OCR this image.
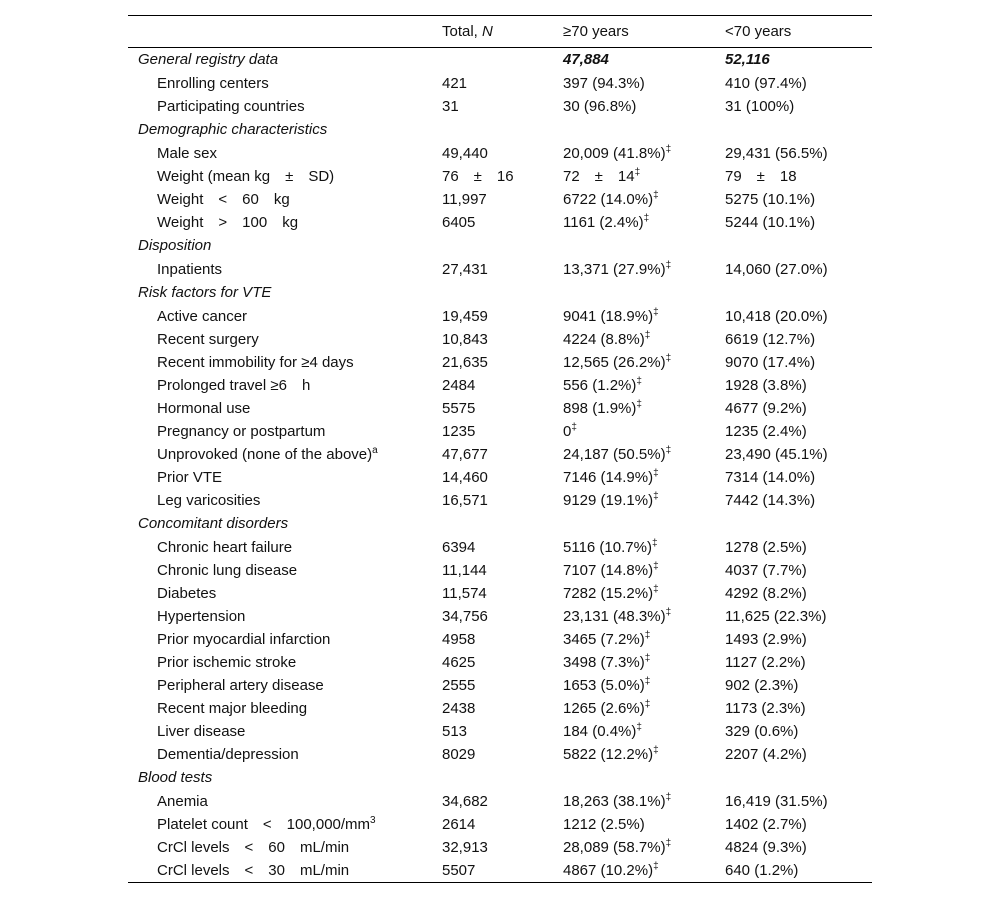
	Total, N	≥70 years	<70 years
General registry data		47,884	52,116
Enrolling centers	421	397 (94.3%)	410 (97.4%)
Participating countries	31	30 (96.8%)	31 (100%)
Demographic characteristics			
Male sex	49,440	20,009 (41.8%)‡	29,431 (56.5%)
Weight (mean kg ± SD)	76 ± 16	72 ± 14‡	79 ± 18
Weight < 60 kg	11,997	6722 (14.0%)‡	5275 (10.1%)
Weight > 100 kg	6405	1161 (2.4%)‡	5244 (10.1%)
Disposition			
Inpatients	27,431	13,371 (27.9%)‡	14,060 (27.0%)
Risk factors for VTE			
Active cancer	19,459	9041 (18.9%)‡	10,418 (20.0%)
Recent surgery	10,843	4224 (8.8%)‡	6619 (12.7%)
Recent immobility for ≥4 days	21,635	12,565 (26.2%)‡	9070 (17.4%)
Prolonged travel ≥6 h	2484	556 (1.2%)‡	1928 (3.8%)
Hormonal use	5575	898 (1.9%)‡	4677 (9.2%)
Pregnancy or postpartum	1235	0‡	1235 (2.4%)
Unprovoked (none of the above)$^a$	47,677	24,187 (50.5%)‡	23,490 (45.1%)
Prior VTE	14,460	7146 (14.9%)‡	7314 (14.0%)
Leg varicosities	16,571	9129 (19.1%)‡	7442 (14.3%)
Concomitant disorders			
Chronic heart failure	6394	5116 (10.7%)‡	1278 (2.5%)
Chronic lung disease	11,144	7107 (14.8%)‡	4037 (7.7%)
Diabetes	11,574	7282 (15.2%)‡	4292 (8.2%)
Hypertension	34,756	23,131 (48.3%)‡	11,625 (22.3%)
Prior myocardial infarction	4958	3465 (7.2%)‡	1493 (2.9%)
Prior ischemic stroke	4625	3498 (7.3%)‡	1127 (2.2%)
Peripheral artery disease	2555	1653 (5.0%)‡	902 (2.3%)
Recent major bleeding	2438	1265 (2.6%)‡	1173 (2.3%)
Liver disease	513	184 (0.4%)‡	329 (0.6%)
Dementia/depression	8029	5822 (12.2%)‡	2207 (4.2%)
Blood tests			
Anemia	34,682	18,263 (38.1%)‡	16,419 (31.5%)
Platelet count < $100,000/mm^3$	2614	1212 (2.5%)	1402 (2.7%)
CrCl levels < 60 mL/min	32,913	28,089 (58.7%)‡	4824 (9.3%)
CrCl levels < 30 mL/min	5507	4867 (10.2%)‡	640 (1.2%)
